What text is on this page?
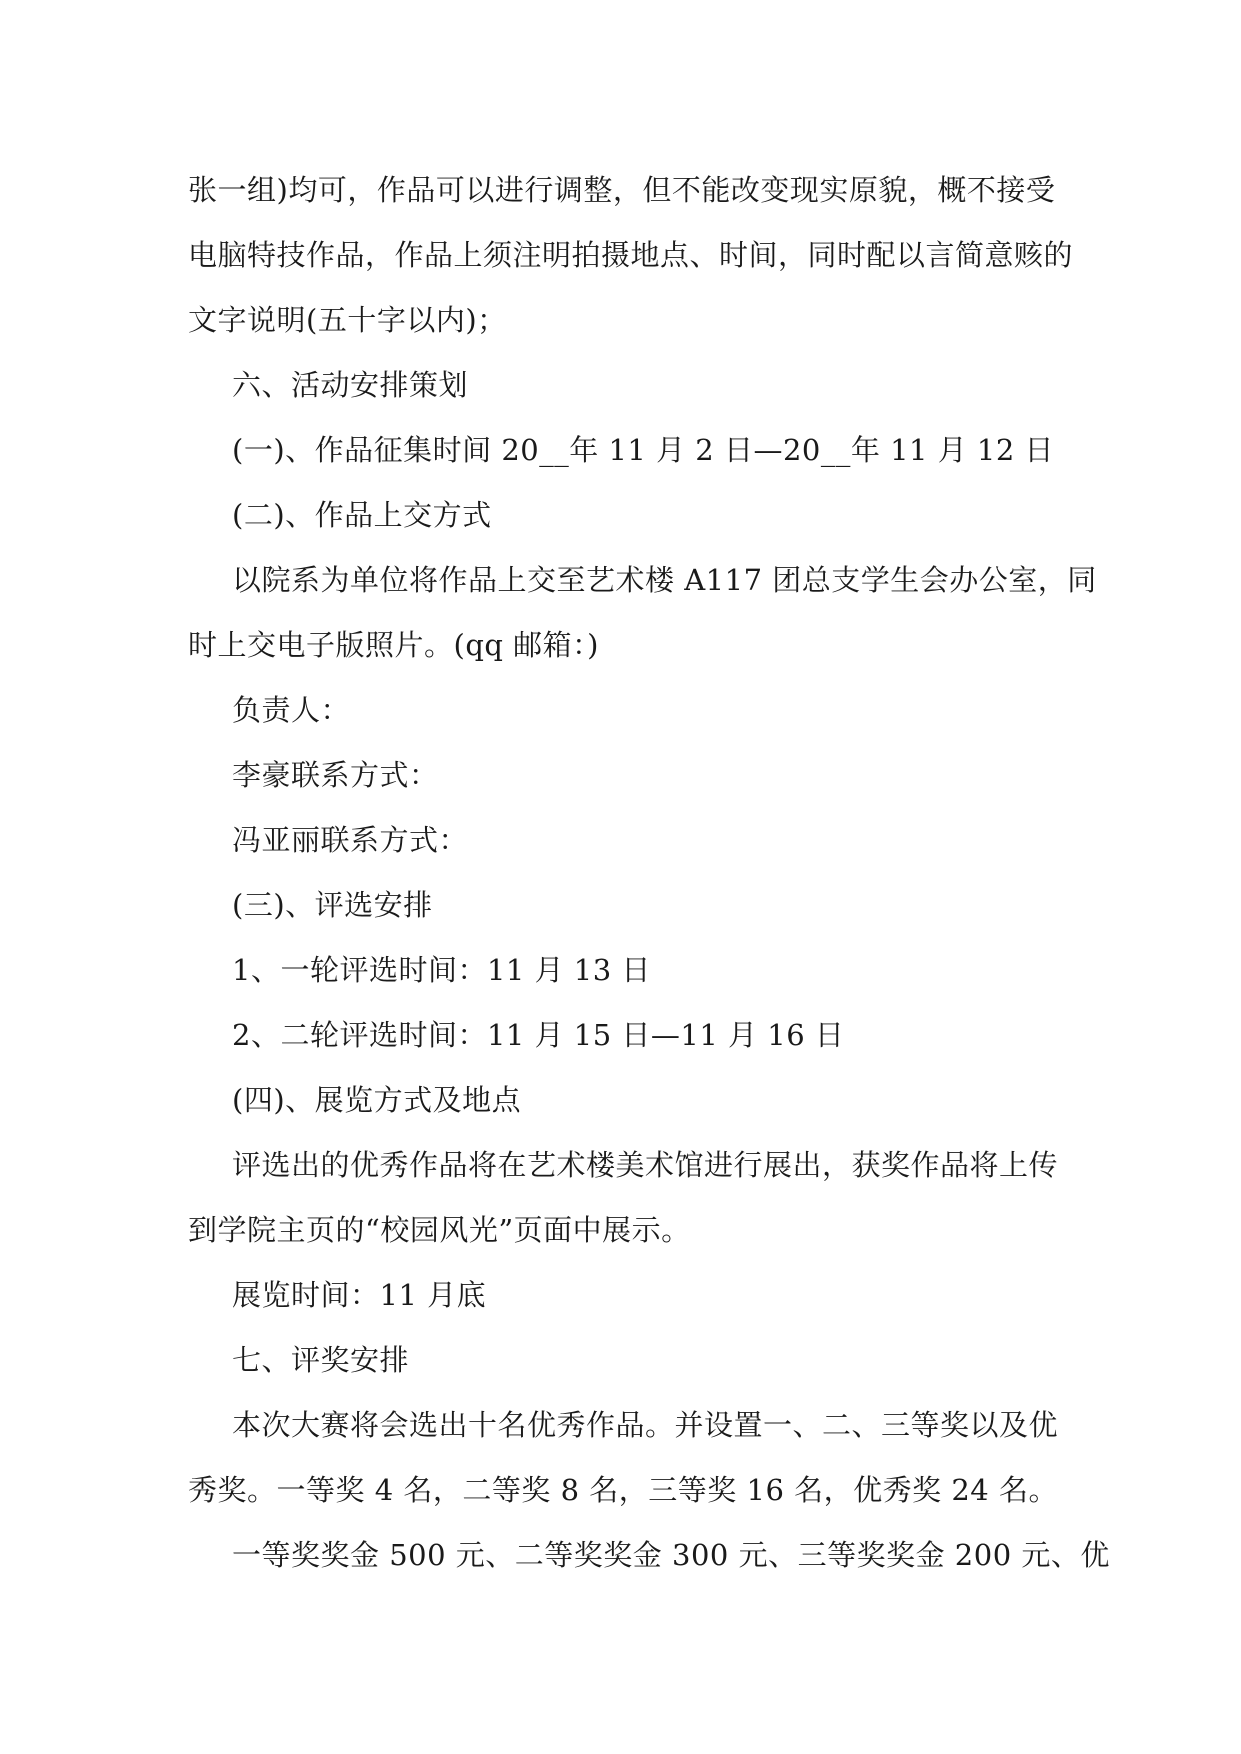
张一组)均可，作品可以进行调整，但不能改变现实原貌，概不接受

电脑特技作品，作品上须注明拍摄地点、时间，同时配以言简意赅的

文字说明(五十字以内)；

六、活动安排策划

(一)、作品征集时间 20__年 11 月 2 日—20__年 11 月 12 日

(二)、作品上交方式

以院系为单位将作品上交至艺术楼 A117 团总支学生会办公室，同

时上交电子版照片。(qq 邮箱：)

负责人：

李豪联系方式：

冯亚丽联系方式：

(三)、评选安排

1、一轮评选时间：11 月 13 日

2、二轮评选时间：11 月 15 日—11 月 16 日

(四)、展览方式及地点

评选出的优秀作品将在艺术楼美术馆进行展出，获奖作品将上传

到学院主页的“校园风光”页面中展示。

展览时间：11 月底

七、评奖安排

本次大赛将会选出十名优秀作品。并设置一、二、三等奖以及优

秀奖。一等奖 4 名，二等奖 8 名，三等奖 16 名，优秀奖 24 名。

一等奖奖金 500 元、二等奖奖金 300 元、三等奖奖金 200 元、优
